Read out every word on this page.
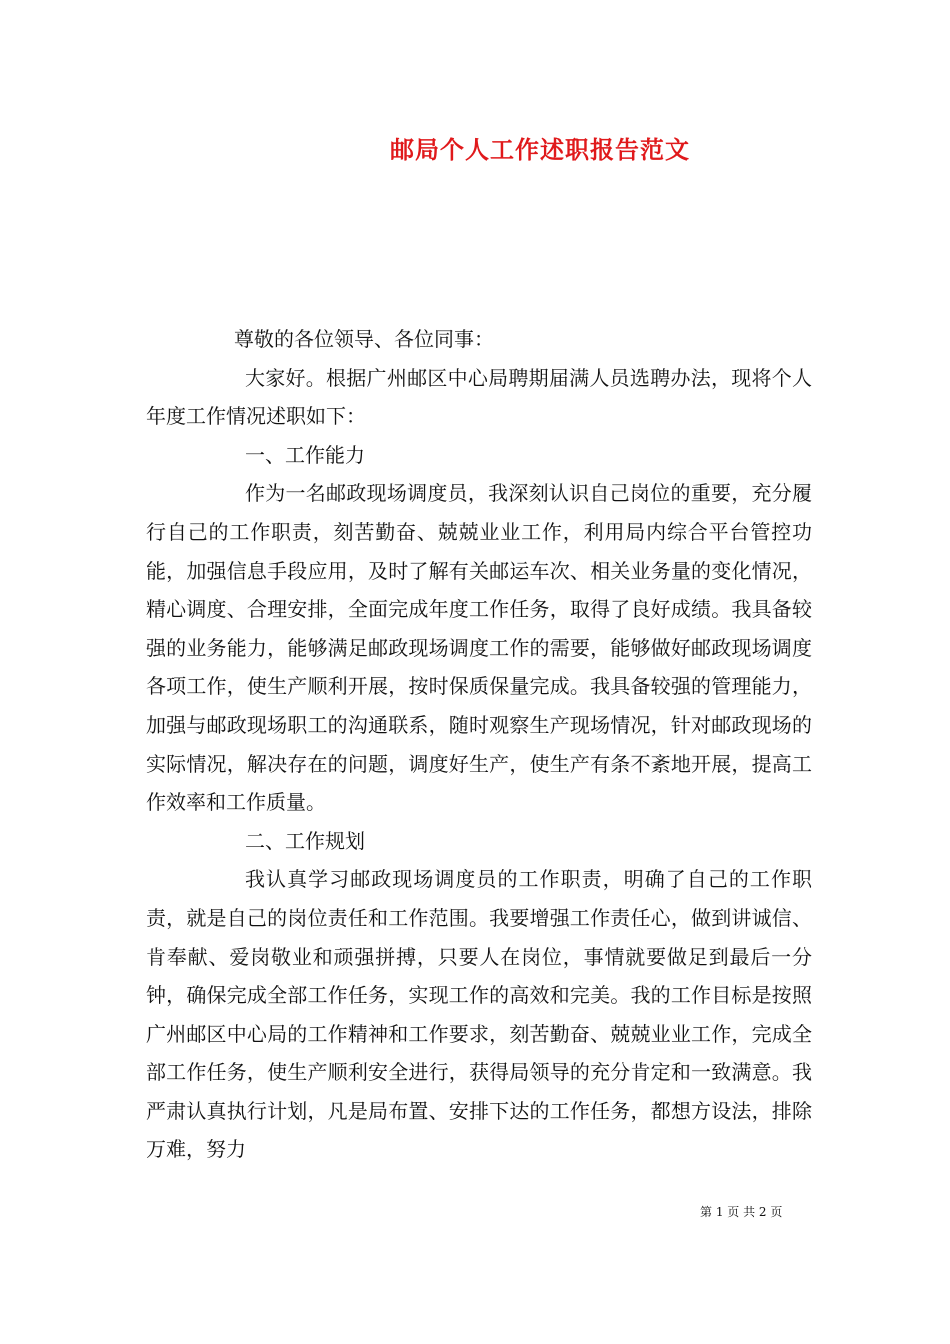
邮局个人工作述职报告范文

尊敬的各位领导、各位同事：

大家好。根据广州邮区中心局聘期届满人员选聘办法，现将个人年度工作情况述职如下：

一、工作能力

作为一名邮政现场调度员，我深刻认识自己岗位的重要，充分履行自己的工作职责，刻苦勤奋、兢兢业业工作，利用局内综合平台管控功能，加强信息手段应用，及时了解有关邮运车次、相关业务量的变化情况，精心调度、合理安排，全面完成年度工作任务，取得了良好成绩。我具备较强的业务能力，能够满足邮政现场调度工作的需要，能够做好邮政现场调度各项工作，使生产顺利开展，按时保质保量完成。我具备较强的管理能力，加强与邮政现场职工的沟通联系，随时观察生产现场情况，针对邮政现场的实际情况，解决存在的问题，调度好生产，使生产有条不紊地开展，提高工作效率和工作质量。

二、工作规划

我认真学习邮政现场调度员的工作职责，明确了自己的工作职责，就是自己的岗位责任和工作范围。我要增强工作责任心，做到讲诚信、肯奉献、爱岗敬业和顽强拼搏，只要人在岗位，事情就要做足到最后一分钟，确保完成全部工作任务，实现工作的高效和完美。我的工作目标是按照广州邮区中心局的工作精神和工作要求，刻苦勤奋、兢兢业业工作，完成全部工作任务，使生产顺利安全进行，获得局领导的充分肯定和一致满意。我严肃认真执行计划，凡是局布置、安排下达的工作任务，都想方设法，排除万难，努力

第 1 页 共 2 页
